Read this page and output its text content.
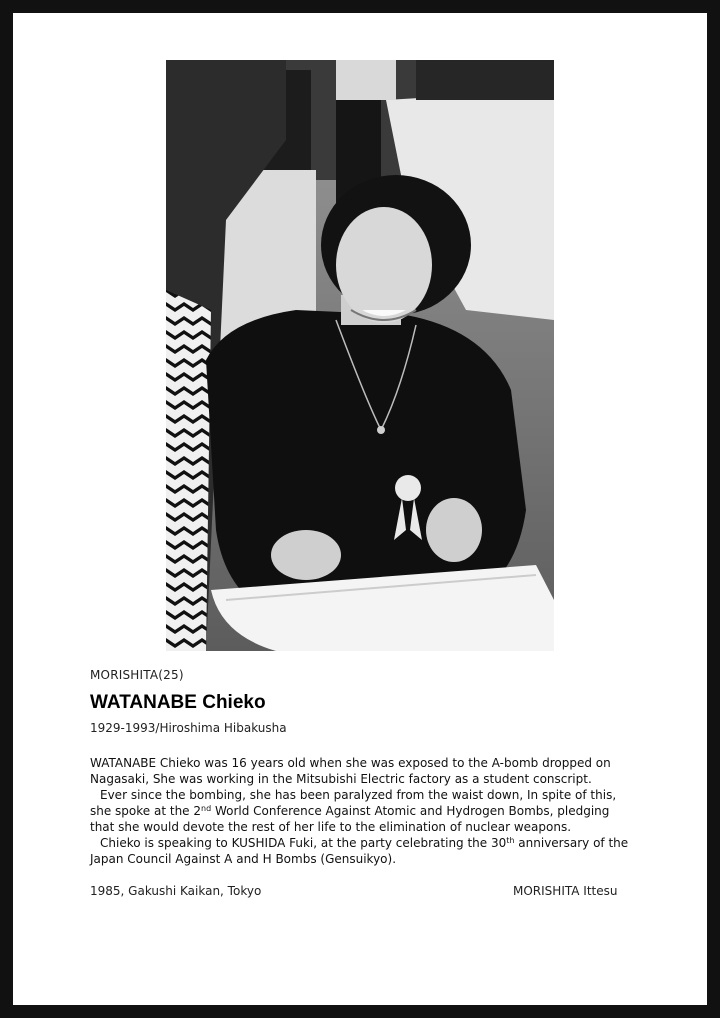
MORISHITA(25)
WATANABE Chieko
1929-1993/Hiroshima Hibakusha

WATANABE Chieko was 16 years old when she was exposed to the A-bomb dropped on Nagasaki, She was working in the Mitsubishi Electric factory as a student conscript.

Ever since the bombing, she has been paralyzed from the waist down, In spite of this, she spoke at the 2nd World Conference Against Atomic and Hydrogen Bombs, pledging that she would devote the rest of her life to the elimination of nuclear weapons.

Chieko is speaking to KUSHIDA Fuki, at the party celebrating the 30th anniversary of the Japan Council Against A and H Bombs (Gensuikyo).

1985, Gakushi Kaikan, Tokyo	MORISHITA Ittesu
